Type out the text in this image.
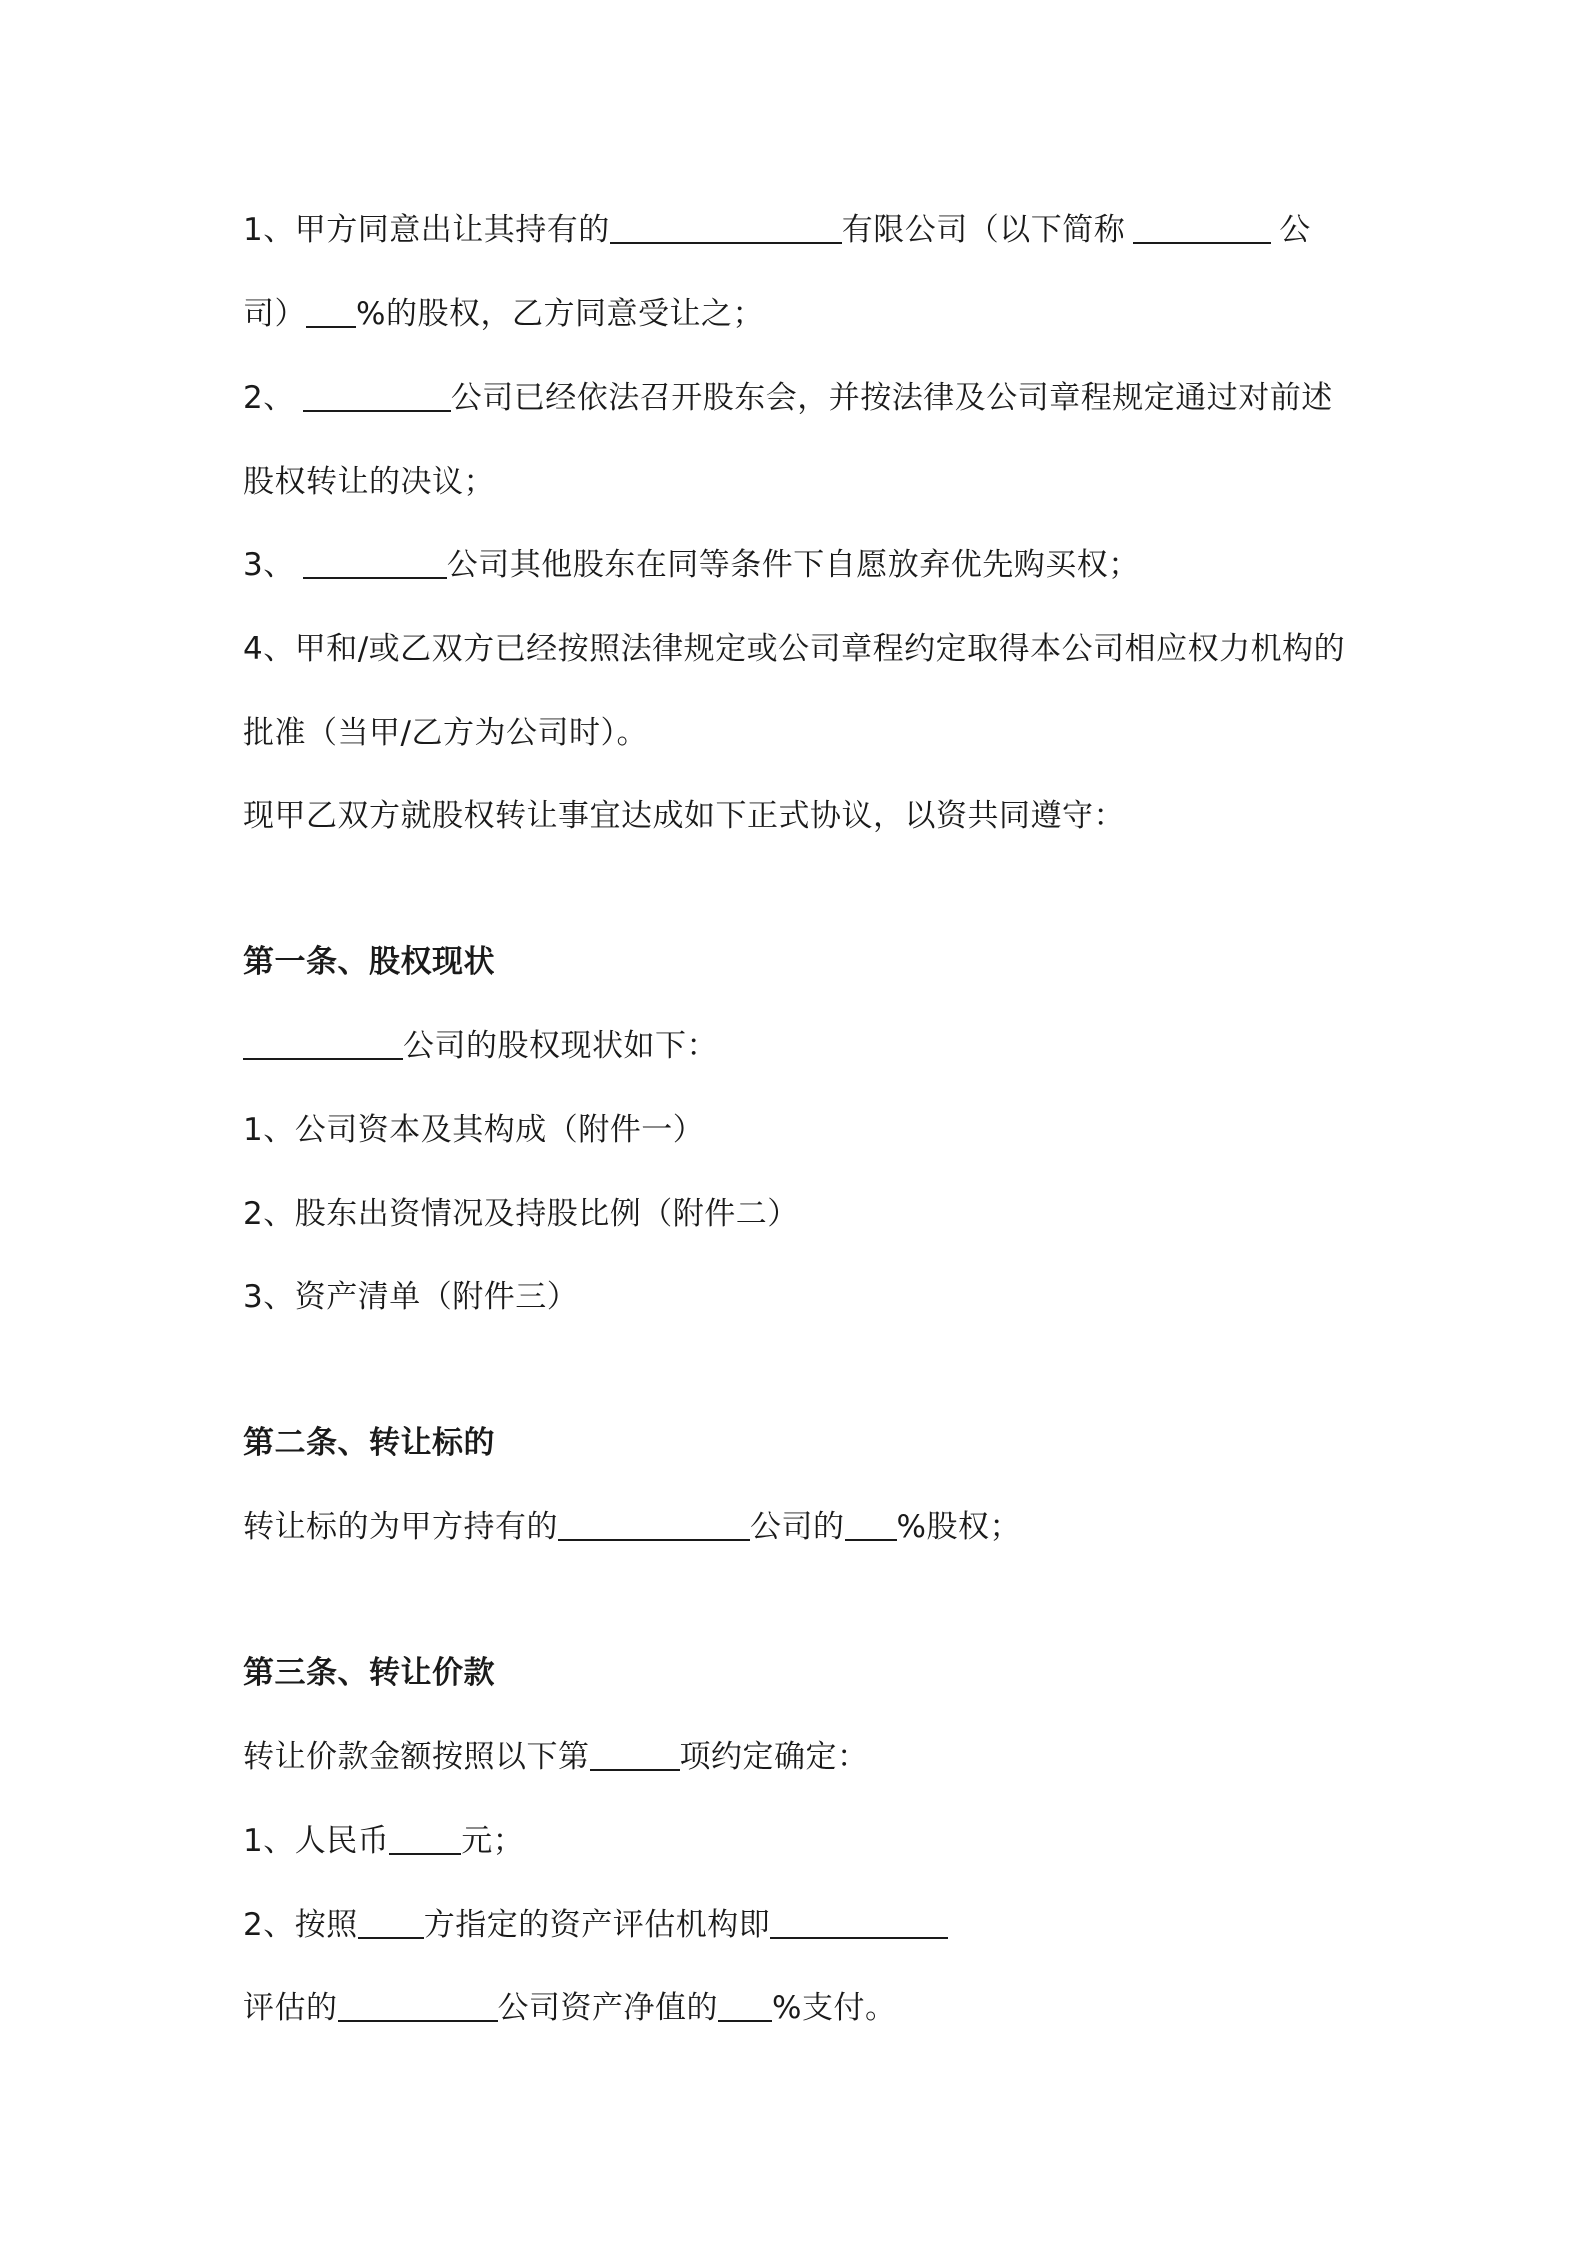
1、甲方同意出让其持有的	有限公司（以下简称	公
司） %的股权，乙方同意受让之；
2、	公司已经依法召开股东会，并按法律及公司章程规定通过对前述
股权转让的决议；
3、	公司其他股东在同等条件下自愿放弃优先购买权；
4、甲和/或乙双方已经按照法律规定或公司章程约定取得本公司相应权力机构的
批准（当甲/乙方为公司时）。
现甲乙双方就股权转让事宜达成如下正式协议，以资共同遵守：
第一条、股权现状
公司的股权现状如下：
1、公司资本及其构成（附件一）
2、股东出资情况及持股比例（附件二）
3、资产清单（附件三）
第二条、转让标的
转让标的为甲方持有的	公司的 %股权；
第三条、转让价款
转让价款金额按照以下第	项约定确定：
1、人民币 元；
2、按照 方指定的资产评估机构即
评估的	公司资产净值的 %支付。
